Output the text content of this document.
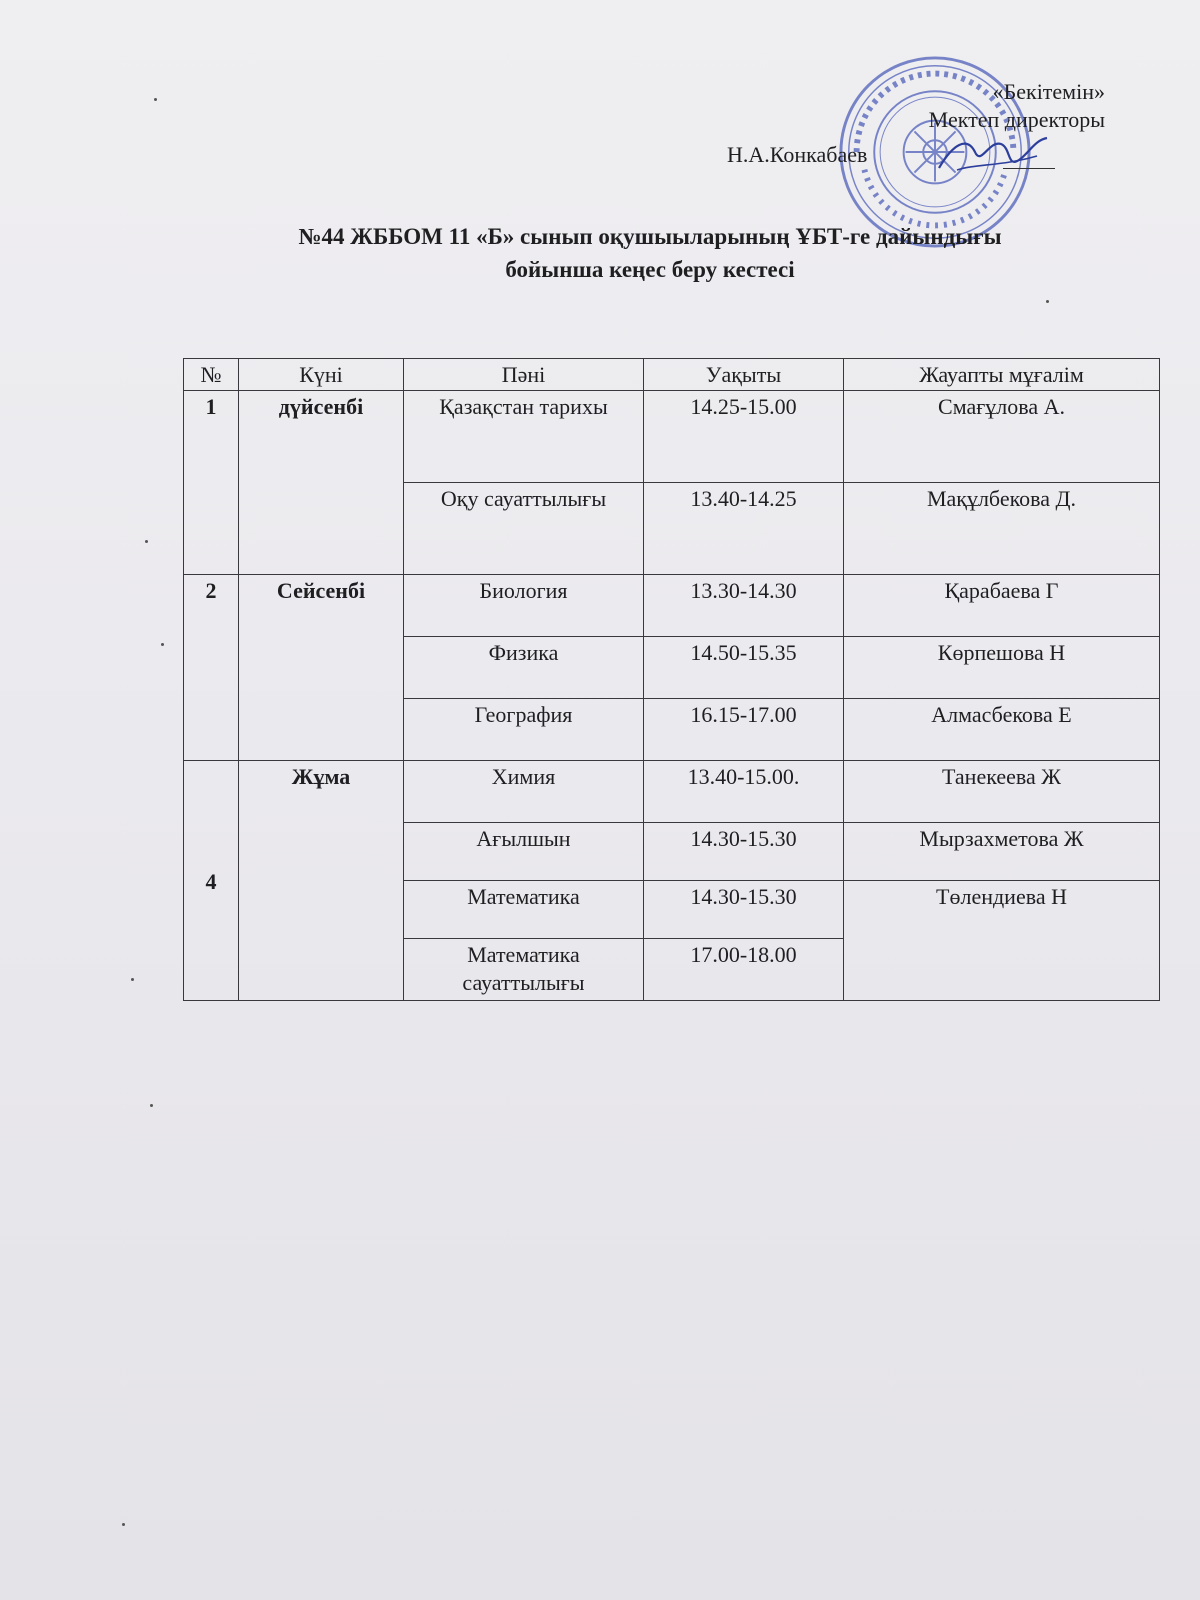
«Бекітемін»
Мектеп директоры
Н.А.Конкабаев
№44 ЖББОМ 11 «Б» сынып оқушыыларының ҰБТ-ге дайындығы
бойынша кеңес беру кестесі
№	Күні	Пәні	Уақыты	Жауапты мұғалім
1	дүйсенбі	Қазақстан тарихы	14.25-15.00	Смағұлова А.
		Оқу сауаттылығы	13.40-14.25	Мақұлбекова Д.
2	Сейсенбі	Биология	13.30-14.30	Қарабаева Г
		Физика	14.50-15.35	Көрпешова Н
		География	16.15-17.00	Алмасбекова Е
4	Жұма	Химия	13.40-15.00.	Танекеева Ж
		Ағылшын	14.30-15.30	Мырзахметова Ж
		Математика	14.30-15.30	Төлендиева Н
		Математика сауаттылығы	17.00-18.00	
